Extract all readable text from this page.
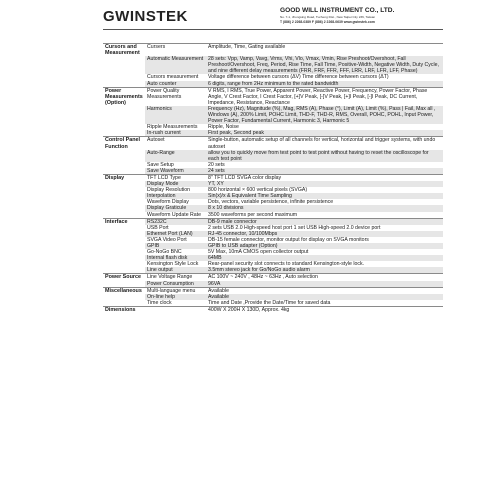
GWINSTEK	GOOD WILL INSTRUMENT CO., LTD.
No. 7-1, Jhongsing Road, Tucheng Dist., New Taipei City 236, Taiwan
T (886) 2 2268-0389 F (886) 2 2268-0639 www.gwinstek.com
Cursors and Measurement	Cursers	Amplitude, Time, Gating available
	Automatic Measurement	28 sets: Vpp, Vamp, Vavg, Vrms, Vhi, Vlo, Vmax, Vmin, Rise Preshoot/Overshoot, Fall Preshoot/Overshoot, Freq, Period, Rise Time, Fall Time, Positive-Width, Negative Width, Duty Cycle, and nine different delay measurements (FRR, FRF, FFR, FFF, LRR, LRF, LFR, LFF, Phase)
	Cursors measurement	Voltage difference between cursors (ΔV) Time difference between cursors (ΔT)
	Auto counter	6 digits, range from 2Hz minimum to the rated bandwidth
Power Measurements (Option)	Power Quality Measurements	V RMS, I RMS, True Power, Apparent Power, Reactive Power, Frequency, Power Factor, Phase Angle, V Crest Factor, I Crest Factor, [+]V Peak, [-]V Peak, [+]I Peak, [-]I Peak, DC Current, Impedance, Resistance, Reactance
	Harmonics	Frequency (Hz), Magnitude (%), Mag, RMS (A), Phase (°), Limit (A), Limit (%), Pass | Fail, Max all , Windows (A), 200% Limit, POHC Limit, THD-F, THD-R, RMS, Overall, POHC, POHL, Input Power, Power Factor, Fundamental Current, Harmonic 3, Harmonic 5
	Ripple Measurements	Ripple, Noise
	In-rush current	First peak, Second peak
Control Panel Function	Autoset	Single-button, automatic setup of all channels for vertical, horizontal and trigger systems, with undo autoset
	Auto-Range	allow you to quickly move from test point to test point without having to reset the oscilloscope for each test point
	Save Setup	20 sets
	Save Waveform	24 sets
Display	TFT LCD Type	8" TFT LCD SVGA color display
	Display Mode	YT, XY
	Display Resolution	800 horizontal × 600 vertical pixels (SVGA)
	Interpolation	Sin(x)/x & Equivalent Time Sampling
	Waveform Display	Dots, vectors, variable persistence, infinite persistence
	Display Graticule	8 x 10 divisions
	Waveform Update Rate	3500 waveforms per second maximum
Interface	RS232C	DB-9 male connector
	USB Port	2 sets USB 2.0 High-speed host port 1 set USB High-speed 2.0 device port
	Ethernet Port (LAN)	RJ-45 connector, 10/100Mbps
	SVGA Video Port	DB-15 female connector, monitor output for display on SVGA monitors
	GPIB	GPIB to USB adapter (Option)
	Go-NoGo BNC	5V Max, 10mA CMOS open collector output
	Internal flash disk	64MB
	Kensington Style Lock	Rear-panel security slot connects to standard Kensington-style lock.
	Line output	3.5mm stereo jack for Go/NoGo audio alarm
Power Source	Line Voltage Range	AC 100V ~ 240V , 48Hz ~ 63Hz , Auto selection
	Power Consumption	96VA
Miscellaneous	Multi-language menu	Available
	On-line help	Available
	Time clock	Time and Date ,Provide the Date/Time for saved data
Dimensions		400W X 200H X 130D, Approx. 4kg
